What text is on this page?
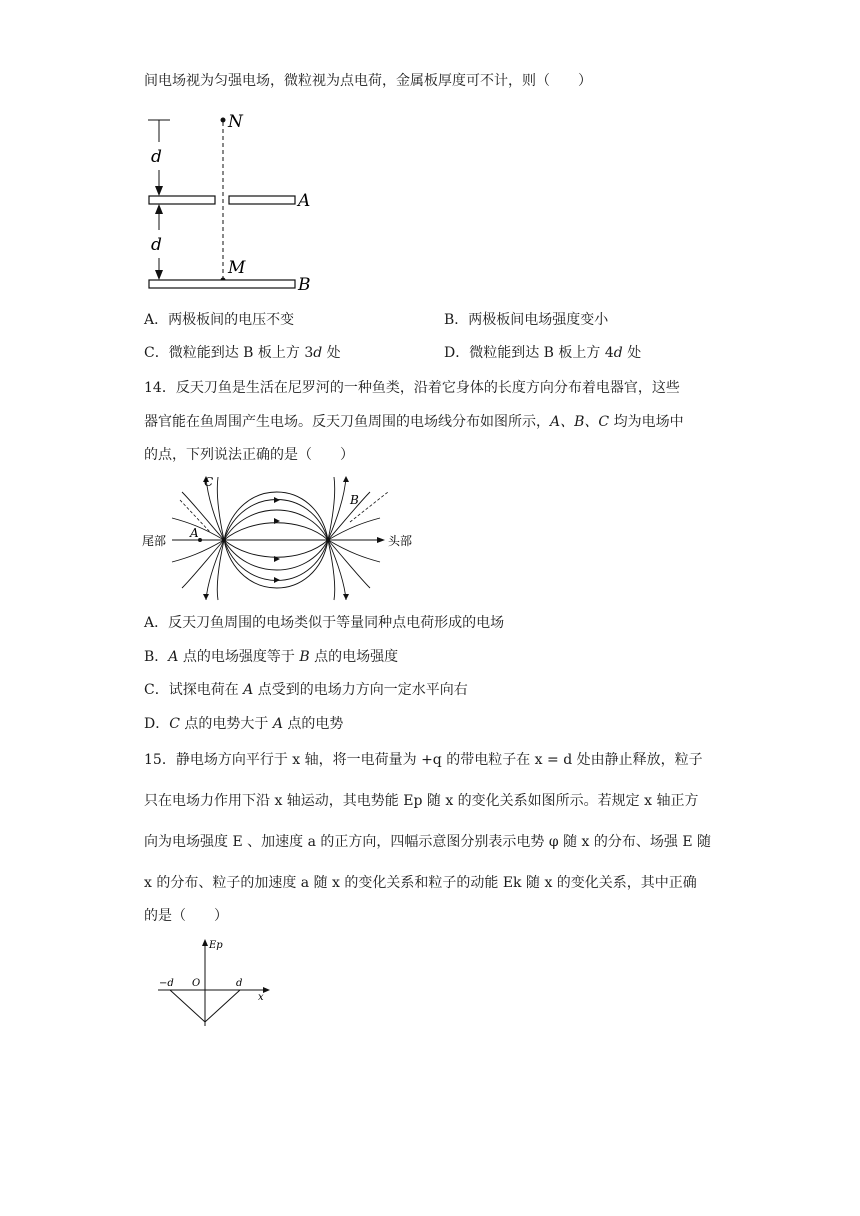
间电场视为匀强电场，微粒视为点电荷，金属板厚度可不计，则（　　）
N
d
A
d
M
B
A．两极板间的电压不变	B．两极板间电场强度变小
C．微粒能到达 B 板上方 3d 处	D．微粒能到达 B 板上方 4d 处
14．反天刀鱼是生活在尼罗河的一种鱼类，沿着它身体的长度方向分布着电器官，这些
器官能在鱼周围产生电场。反天刀鱼周围的电场线分布如图所示，A、B、C 均为电场中
的点，下列说法正确的是（　　）
尾部	头部
A
B
C
A．反天刀鱼周围的电场类似于等量同种点电荷形成的电场
B．A 点的电场强度等于 B 点的电场强度
C．试探电荷在 A 点受到的电场力方向一定水平向右
D．C 点的电势大于 A 点的电势
15．静电场方向平行于 x 轴，将一电荷量为 +q 的带电粒子在 x = d 处由静止释放，粒子
只在电场力作用下沿 x 轴运动，其电势能 Ep 随 x 的变化关系如图所示。若规定 x 轴正方
向为电场强度 E 、加速度 a 的正方向，四幅示意图分别表示电势 φ 随 x 的分布、场强 E 随
x 的分布、粒子的加速度 a 随 x 的变化关系和粒子的动能 Ek 随 x 的变化关系，其中正确
的是（　　）
Ep
x
−d O	d
